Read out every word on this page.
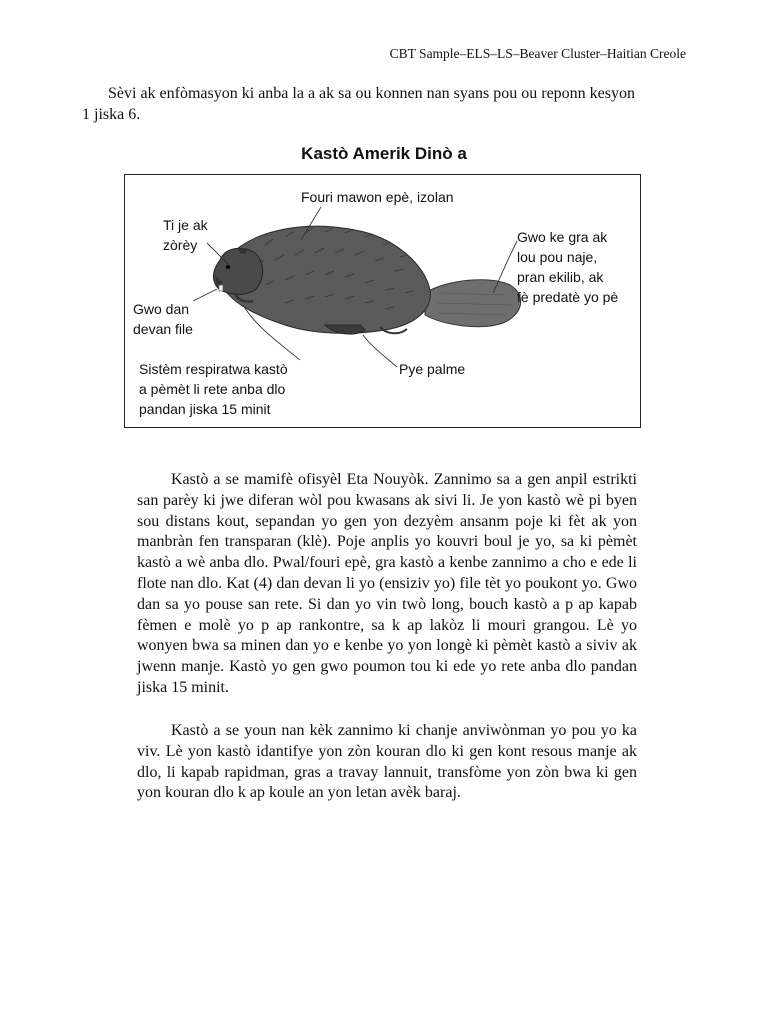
CBT Sample–ELS–LS–Beaver Cluster–Haitian Creole

Sèvi ak enfòmasyon ki anba la a ak sa ou konnen nan syans pou ou reponn kesyon 1 jiska 6.

Kastò Amerik Dinò a
Fouri mawon epè, izolan
Ti je ak
zòrèy	Gwo ke gra ak
lou pou naje,
pran ekilib, ak
fè predatè yo pè
Gwo dan
devan file
Sistèm respiratwa kastò
a pèmèt li rete anba dlo
pandan jiska 15 minit
Pye palme

Kastò a se mamifè ofisyèl Eta Nouyòk. Zannimo sa a gen anpil estrikti san parèy ki jwe diferan wòl pou kwasans ak sivi li. Je yon kastò wè pi byen sou distans kout, sepandan yo gen yon dezyèm ansanm poje ki fèt ak yon manbràn fen transparan (klè). Poje anplis yo kouvri boul je yo, sa ki pèmèt kastò a wè anba dlo. Pwal/fouri epè, gra kastò a kenbe zannimo a cho e ede li flote nan dlo. Kat (4) dan devan li yo (ensiziv yo) file tèt yo poukont yo. Gwo dan sa yo pouse san rete. Si dan yo vin twò long, bouch kastò a p ap kapab fèmen e molè yo p ap rankontre, sa k ap lakòz li mouri grangou. Lè yo wonyen bwa sa minen dan yo e kenbe yo yon longè ki pèmèt kastò a siviv ak jwenn manje. Kastò yo gen gwo poumon tou ki ede yo rete anba dlo pandan jiska 15 minit.

Kastò a se youn nan kèk zannimo ki chanje anviwònman yo pou yo ka viv. Lè yon kastò idantifye yon zòn kouran dlo ki gen kont resous manje ak dlo, li kapab rapidman, gras a travay lannuit, transfòme yon zòn bwa ki gen yon kouran dlo k ap koule an yon letan avèk baraj.
